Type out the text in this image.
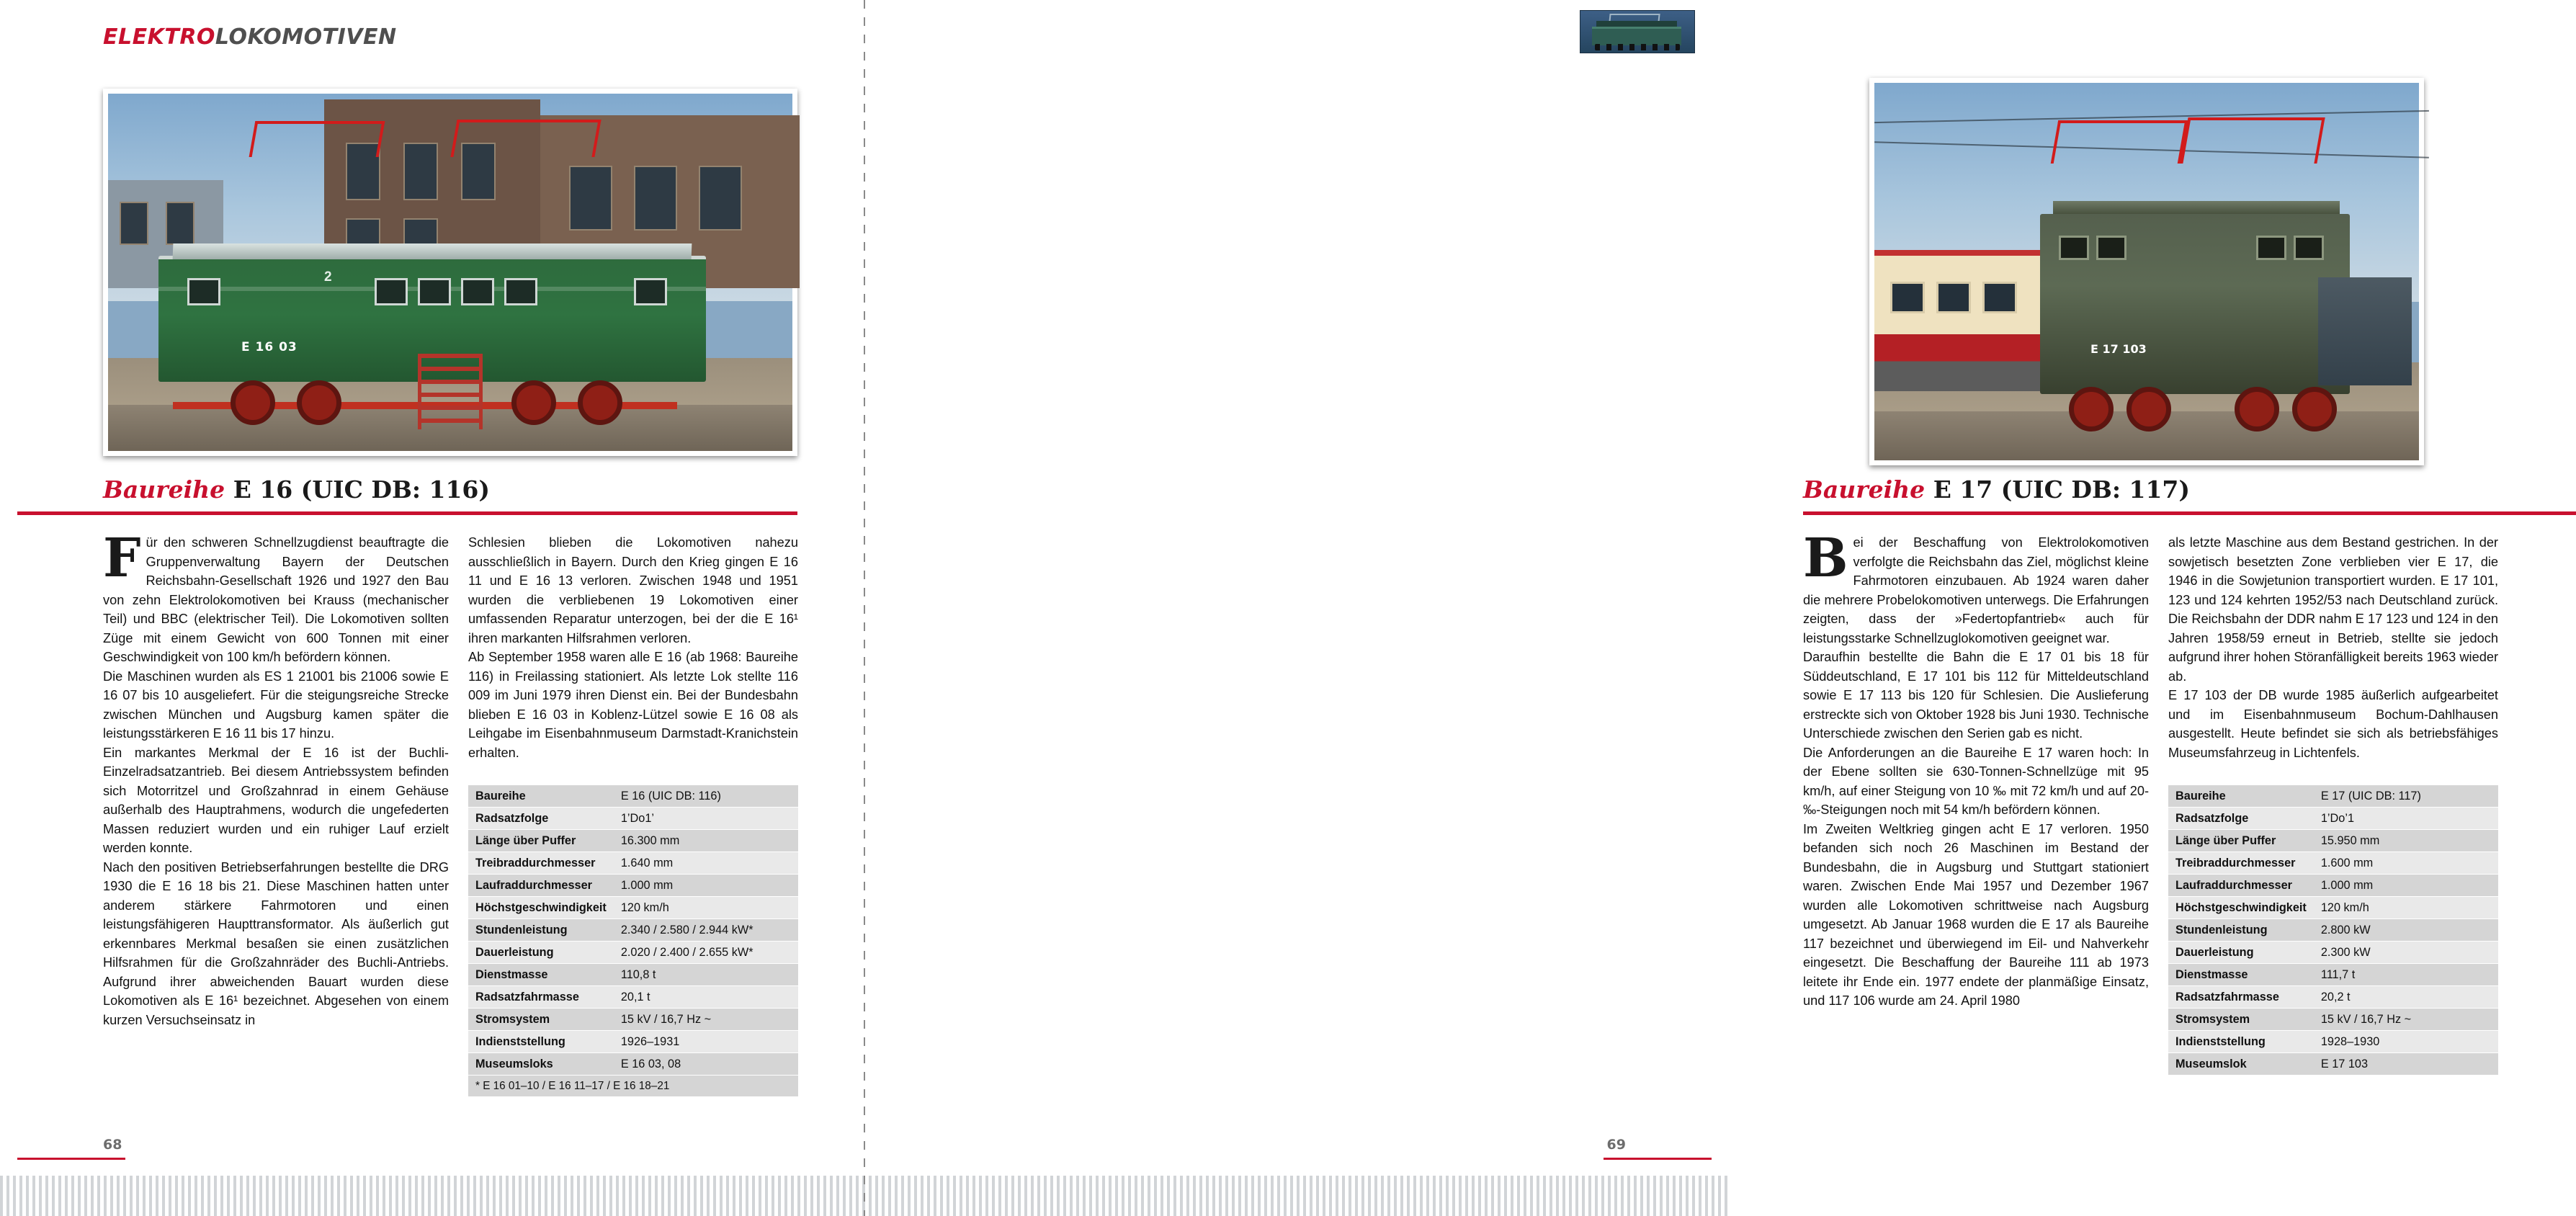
ELEKTROLOKOMOTIVEN
2
E 16 03
Baureihe E 16 (UIC DB: 116)

Für den schweren Schnellzugdienst beauftragte die Gruppenverwaltung Bayern der Deutschen Reichsbahn-Gesellschaft 1926 und 1927 den Bau von zehn Elektrolokomotiven bei Krauss (mechanischer Teil) und BBC (elektrischer Teil). Die Lokomotiven sollten Züge mit einem Gewicht von 600 Tonnen mit einer Geschwindigkeit von 100 km/h befördern können.

Die Maschinen wurden als ES 1 21001 bis 21006 sowie E 16 07 bis 10 ausgeliefert. Für die steigungsreiche Strecke zwischen München und Augsburg kamen später die leistungsstärkeren E 16 11 bis 17 hinzu.

Ein markantes Merkmal der E 16 ist der Buchli-Einzelradsatzantrieb. Bei diesem Antriebssystem befinden sich Motorritzel und Großzahnrad in einem Gehäuse außerhalb des Hauptrahmens, wodurch die ungefederten Massen reduziert wurden und ein ruhiger Lauf erzielt werden konnte.

Nach den positiven Betriebserfahrungen bestellte die DRG 1930 die E 16 18 bis 21. Diese Maschinen hatten unter anderem stärkere Fahrmotoren und einen leistungsfähigeren Haupttransformator. Als äußerlich gut erkennbares Merkmal besaßen sie einen zusätzlichen Hilfsrahmen für die Großzahnräder des Buchli-Antriebs. Aufgrund ihrer abweichenden Bauart wurden diese Lokomotiven als E 16¹ bezeichnet. Abgesehen von einem kurzen Versuchseinsatz in

Schlesien blieben die Lokomotiven nahezu ausschließlich in Bayern. Durch den Krieg gingen E 16 11 und E 16 13 verloren. Zwischen 1948 und 1951 wurden die verbliebenen 19 Lokomotiven einer umfassenden Reparatur unterzogen, bei der die E 16¹ ihren markanten Hilfsrahmen verloren.

Ab September 1958 waren alle E 16 (ab 1968: Baureihe 116) in Freilassing stationiert. Als letzte Lok stellte 116 009 im Juni 1979 ihren Dienst ein. Bei der Bundesbahn blieben E 16 03 in Koblenz-Lützel sowie E 16 08 als Leihgabe im Eisenbahnmuseum Darmstadt-Kranichstein erhalten.

Baureihe	E 16 (UIC DB: 116)
Radsatzfolge	1’Do1’
Länge über Puffer	16.300 mm
Treibraddurchmesser	1.640 mm
Laufraddurchmesser	1.000 mm
Höchstgeschwindigkeit	120 km/h
Stundenleistung	2.340 / 2.580 / 2.944 kW*
Dauerleistung	2.020 / 2.400 / 2.655 kW*
Dienstmasse	110,8 t
Radsatzfahrmasse	20,1 t
Stromsystem	15 kV / 16,7 Hz ~
Indienststellung	1926–1931
Museumsloks	E 16 03, 08
* E 16 01–10 / E 16 11–17 / E 16 18–21	
68
E 17 103
Baureihe E 17 (UIC DB: 117)

Bei der Beschaffung von Elektrolokomotiven verfolgte die Reichsbahn das Ziel, möglichst kleine Fahrmotoren einzubauen. Ab 1924 waren daher die mehrere Probelokomotiven unterwegs. Die Erfahrungen zeigten, dass der »Federtopfantrieb« auch für leistungsstarke Schnellzuglokomotiven geeignet war.

Daraufhin bestellte die Bahn die E 17 01 bis 18 für Süddeutschland, E 17 101 bis 112 für Mitteldeutschland sowie E 17 113 bis 120 für Schlesien. Die Auslieferung erstreckte sich von Oktober 1928 bis Juni 1930. Technische Unterschiede zwischen den Serien gab es nicht.

Die Anforderungen an die Baureihe E 17 waren hoch: In der Ebene sollten sie 630-Tonnen-Schnellzüge mit 95 km/h, auf einer Steigung von 10 ‰ mit 72 km/h und auf 20-‰-Steigungen noch mit 54 km/h befördern können.

Im Zweiten Weltkrieg gingen acht E 17 verloren. 1950 befanden sich noch 26 Maschinen im Bestand der Bundesbahn, die in Augsburg und Stuttgart stationiert waren. Zwischen Ende Mai 1957 und Dezember 1967 wurden alle Lokomotiven schrittweise nach Augsburg umgesetzt. Ab Januar 1968 wurden die E 17 als Baureihe 117 bezeichnet und überwiegend im Eil- und Nahverkehr eingesetzt. Die Beschaffung der Baureihe 111 ab 1973 leitete ihr Ende ein. 1977 endete der planmäßige Einsatz, und 117 106 wurde am 24. April 1980

als letzte Maschine aus dem Bestand gestrichen. In der sowjetisch besetzten Zone verblieben vier E 17, die 1946 in die Sowjetunion transportiert wurden. E 17 101, 123 und 124 kehrten 1952/53 nach Deutschland zurück. Die Reichsbahn der DDR nahm E 17 123 und 124 in den Jahren 1958/59 erneut in Betrieb, stellte sie jedoch aufgrund ihrer hohen Störanfälligkeit bereits 1963 wieder ab.

E 17 103 der DB wurde 1985 äußerlich aufgearbeitet und im Eisenbahnmuseum Bochum-Dahlhausen ausgestellt. Heute befindet sie sich als betriebsfähiges Museumsfahrzeug in Lichtenfels.

Baureihe	E 17 (UIC DB: 117)
Radsatzfolge	1’Do’1
Länge über Puffer	15.950 mm
Treibraddurchmesser	1.600 mm
Laufraddurchmesser	1.000 mm
Höchstgeschwindigkeit	120 km/h
Stundenleistung	2.800 kW
Dauerleistung	2.300 kW
Dienstmasse	111,7 t
Radsatzfahrmasse	20,2 t
Stromsystem	15 kV / 16,7 Hz ~
Indienststellung	1928–1930
Museumslok	E 17 103
69
